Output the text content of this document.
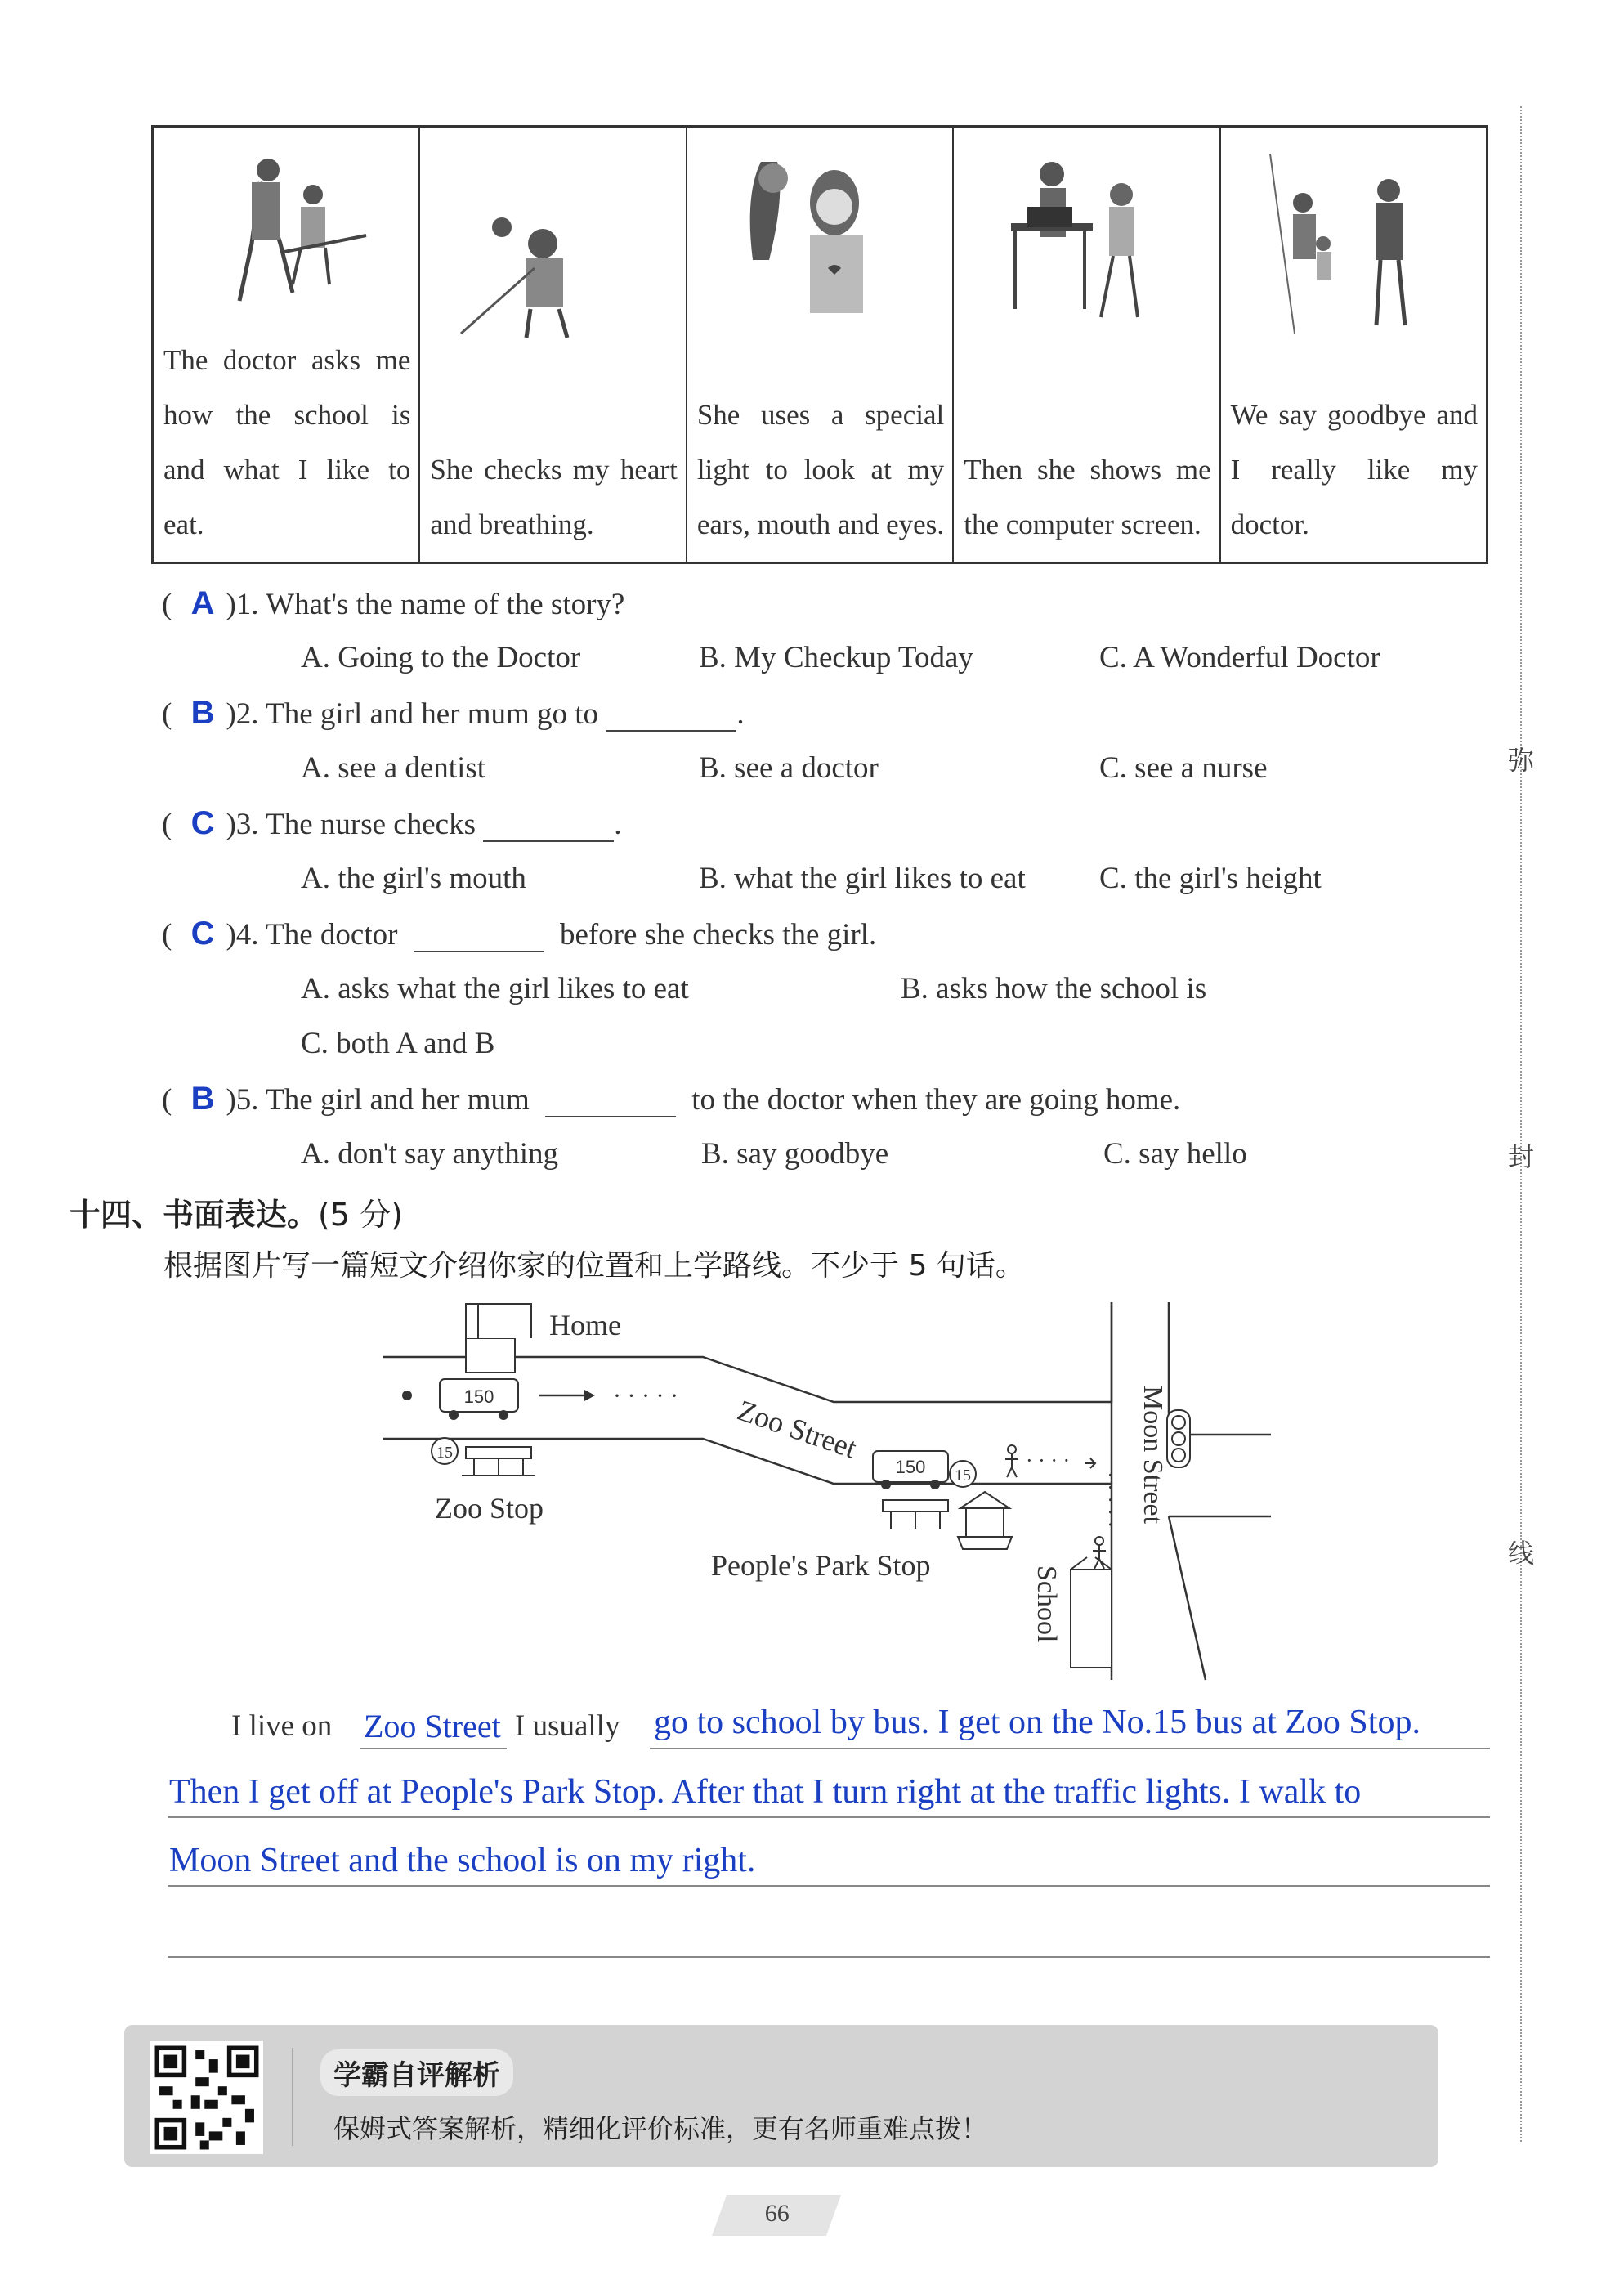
The doctor asks me how the school is and what I like to eat.
She checks my heart and breathing.
She uses a special light to look at my ears, mouth and eyes.
Then she shows me the computer screen.
We say goodbye and I really like my doctor.
( A )1. What's the name of the story?
A. Going to the Doctor	B. My Checkup Today	C. A Wonderful Doctor
( B )2. The girl and her mum go to	.
A. see a dentist	B. see a doctor	C. see a nurse
( C )3. The nurse checks	.
A. the girl's mouth	B. what the girl likes to eat C. the girl's height
( C )4. The doctor	before she checks the girl.
A. asks what the girl likes to eat	B. asks how the school is
C. both A and B
( B )5. The girl and her mum	to the doctor when they are going home.
A. don't say anything	B. say goodbye	C. say hello
十四、书面表达。(5 分)
根据图片写一篇短文介绍你家的位置和上学路线。不少于 5 句话。
Home
150	· · · · ·
15
Zoo Stop
Zoo Street
150 15
People's Park Stop
· · · ·
· · · · · Moon Street
School
I live on Zoo Street I usually go to school by bus. I get on the No.15 bus at Zoo Stop.
Then I get off at People's Park Stop. After that I turn right at the traffic lights. I walk to
Moon Street and the school is on my right.
弥
封
线
学霸自评解析
保姆式答案解析，精细化评价标准，更有名师重难点拨！
66
